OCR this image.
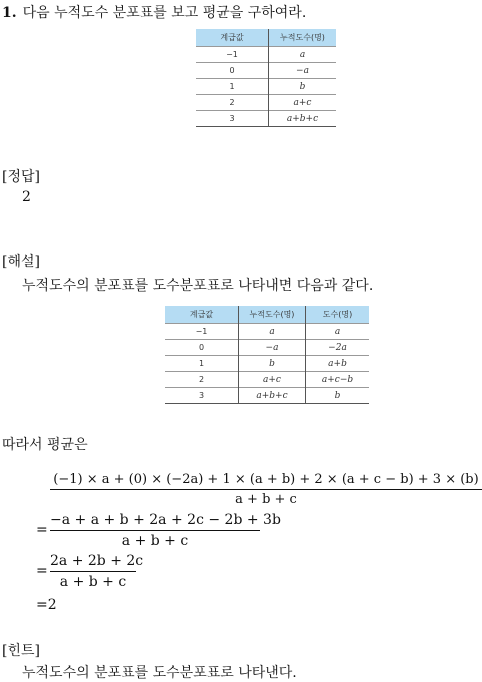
1. 다음 누적도수 분포표를 보고 평균을 구하여라.
계급값	누적도수(명)
−1	a
0	−a
1	b
2	a+c
3	a+b+c
[정답]
2
[해설]
누적도수의 분포표를 도수분포표로 나타내면 다음과 같다.
계급값	누적도수(명)	도수(명)
−1	a	a
0	−a	−2a
1	b	a+b
2	a+c	a+c−b
3	a+b+c	b
따라서 평균은
(−1) × a + (0) × (−2a) + 1 × (a + b) + 2 × (a + c − b) + 3 × (b)
a + b + c
= $\frac{-a + a + b + 2a + 2c - 2b + 3b}{a + b + c}$
= $\frac{2a + 2b + 2c}{a + b + c}$
=2
[힌트]
누적도수의 분포표를 도수분포표로 나타낸다.
